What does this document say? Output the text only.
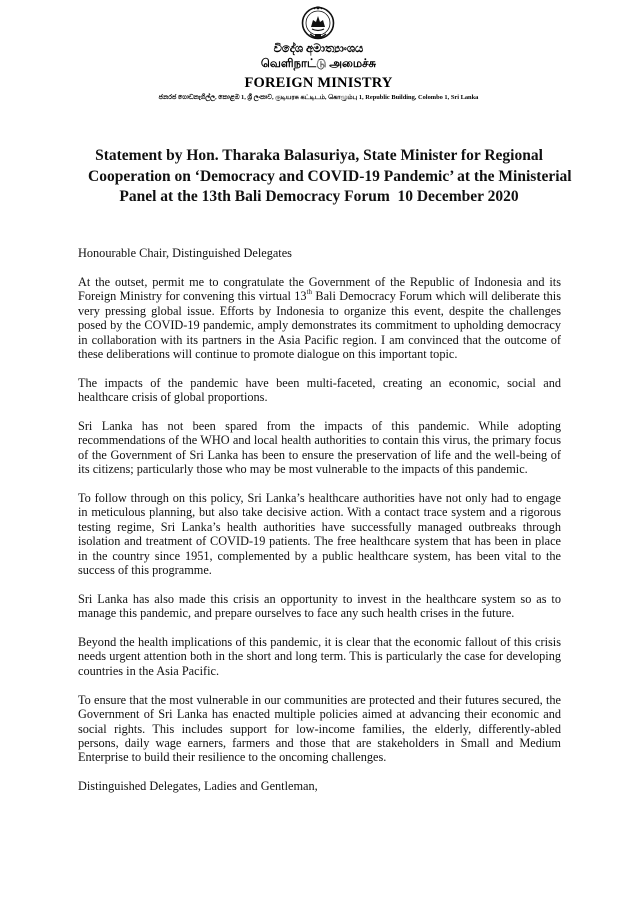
විදේශ අමාත්‍යාංශය
வெளிநாட்டு அமைச்சு
FOREIGN MINISTRY
ජනරජ ගොඩනැගිල්ල, කොළඹ 1, ශ්‍රී ලංකාව, குடியரசு கட்டிடம், கொழும்பு 1, Republic Building, Colombo 1, Sri Lanka
Statement by Hon. Tharaka Balasuriya, State Minister for Regional
Cooperation on ‘Democracy and COVID-19 Pandemic’ at the Ministerial
Panel at the 13th Bali Democracy Forum  10 December 2020

Honourable Chair, Distinguished Delegates

At the outset, permit me to congratulate the Government of the Republic of Indonesia and its Foreign Ministry for convening this virtual 13th Bali Democracy Forum which will deliberate this very pressing global issue. Efforts by Indonesia to organize this event, despite the challenges posed by the COVID-19 pandemic, amply demonstrates its commitment to upholding democracy in collaboration with its partners in the Asia Pacific region. I am convinced that the outcome of these deliberations will continue to promote dialogue on this important topic.

The impacts of the pandemic have been multi-faceted, creating an economic, social and healthcare crisis of global proportions.

Sri Lanka has not been spared from the impacts of this pandemic. While adopting recommendations of the WHO and local health authorities to contain this virus, the primary focus of the Government of Sri Lanka has been to ensure the preservation of life and the well-being of its citizens; particularly those who may be most vulnerable to the impacts of this pandemic.

To follow through on this policy, Sri Lanka’s healthcare authorities have not only had to engage in meticulous planning, but also take decisive action. With a contact trace system and a rigorous testing regime, Sri Lanka’s health authorities have successfully managed outbreaks through isolation and treatment of COVID-19 patients. The free healthcare system that has been in place in the country since 1951, complemented by a public healthcare system, has been vital to the success of this programme.

Sri Lanka has also made this crisis an opportunity to invest in the healthcare system so as to manage this pandemic, and prepare ourselves to face any such health crises in the future.

Beyond the health implications of this pandemic, it is clear that the economic fallout of this crisis needs urgent attention both in the short and long term. This is particularly the case for developing countries in the Asia Pacific.

To ensure that the most vulnerable in our communities are protected and their futures secured, the Government of Sri Lanka has enacted multiple policies aimed at advancing their economic and social rights. This includes support for low-income families, the elderly, differently-abled persons, daily wage earners, farmers and those that are stakeholders in Small and Medium Enterprise to build their resilience to the oncoming challenges.

Distinguished Delegates, Ladies and Gentleman,
